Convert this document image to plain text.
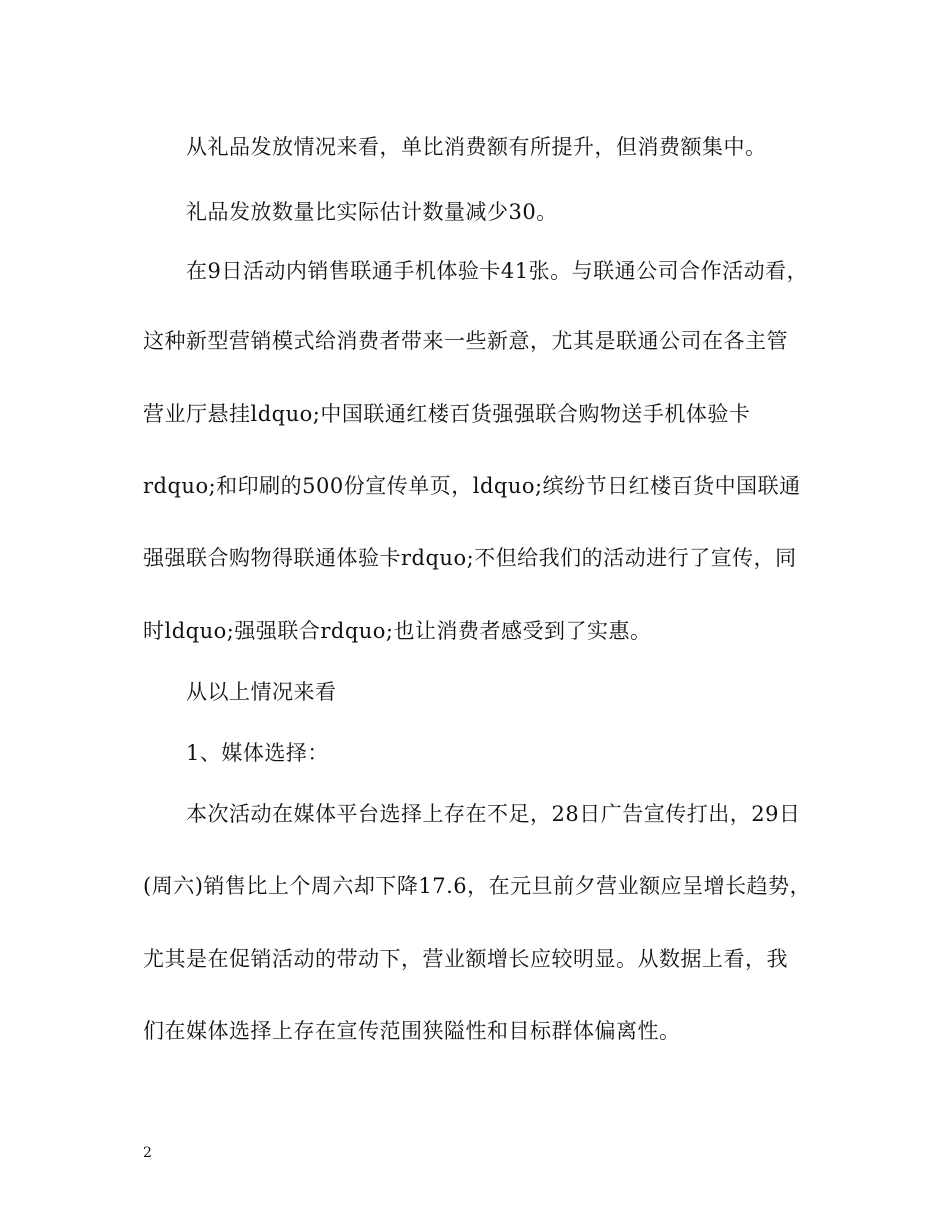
从礼品发放情况来看，单比消费额有所提升，但消费额集中。
礼品发放数量比实际估计数量减少30。
在9日活动内销售联通手机体验卡41张。与联通公司合作活动看，
这种新型营销模式给消费者带来一些新意，尤其是联通公司在各主管
营业厅悬挂ldquo;中国联通红楼百货强强联合购物送手机体验卡
rdquo;和印刷的500份宣传单页，ldquo;缤纷节日红楼百货中国联通
强强联合购物得联通体验卡rdquo;不但给我们的活动进行了宣传，同
时ldquo;强强联合rdquo;也让消费者感受到了实惠。
从以上情况来看
1、媒体选择：
本次活动在媒体平台选择上存在不足，28日广告宣传打出，29日
(周六)销售比上个周六却下降17.6，在元旦前夕营业额应呈增长趋势，
尤其是在促销活动的带动下，营业额增长应较明显。从数据上看，我
们在媒体选择上存在宣传范围狭隘性和目标群体偏离性。
2
